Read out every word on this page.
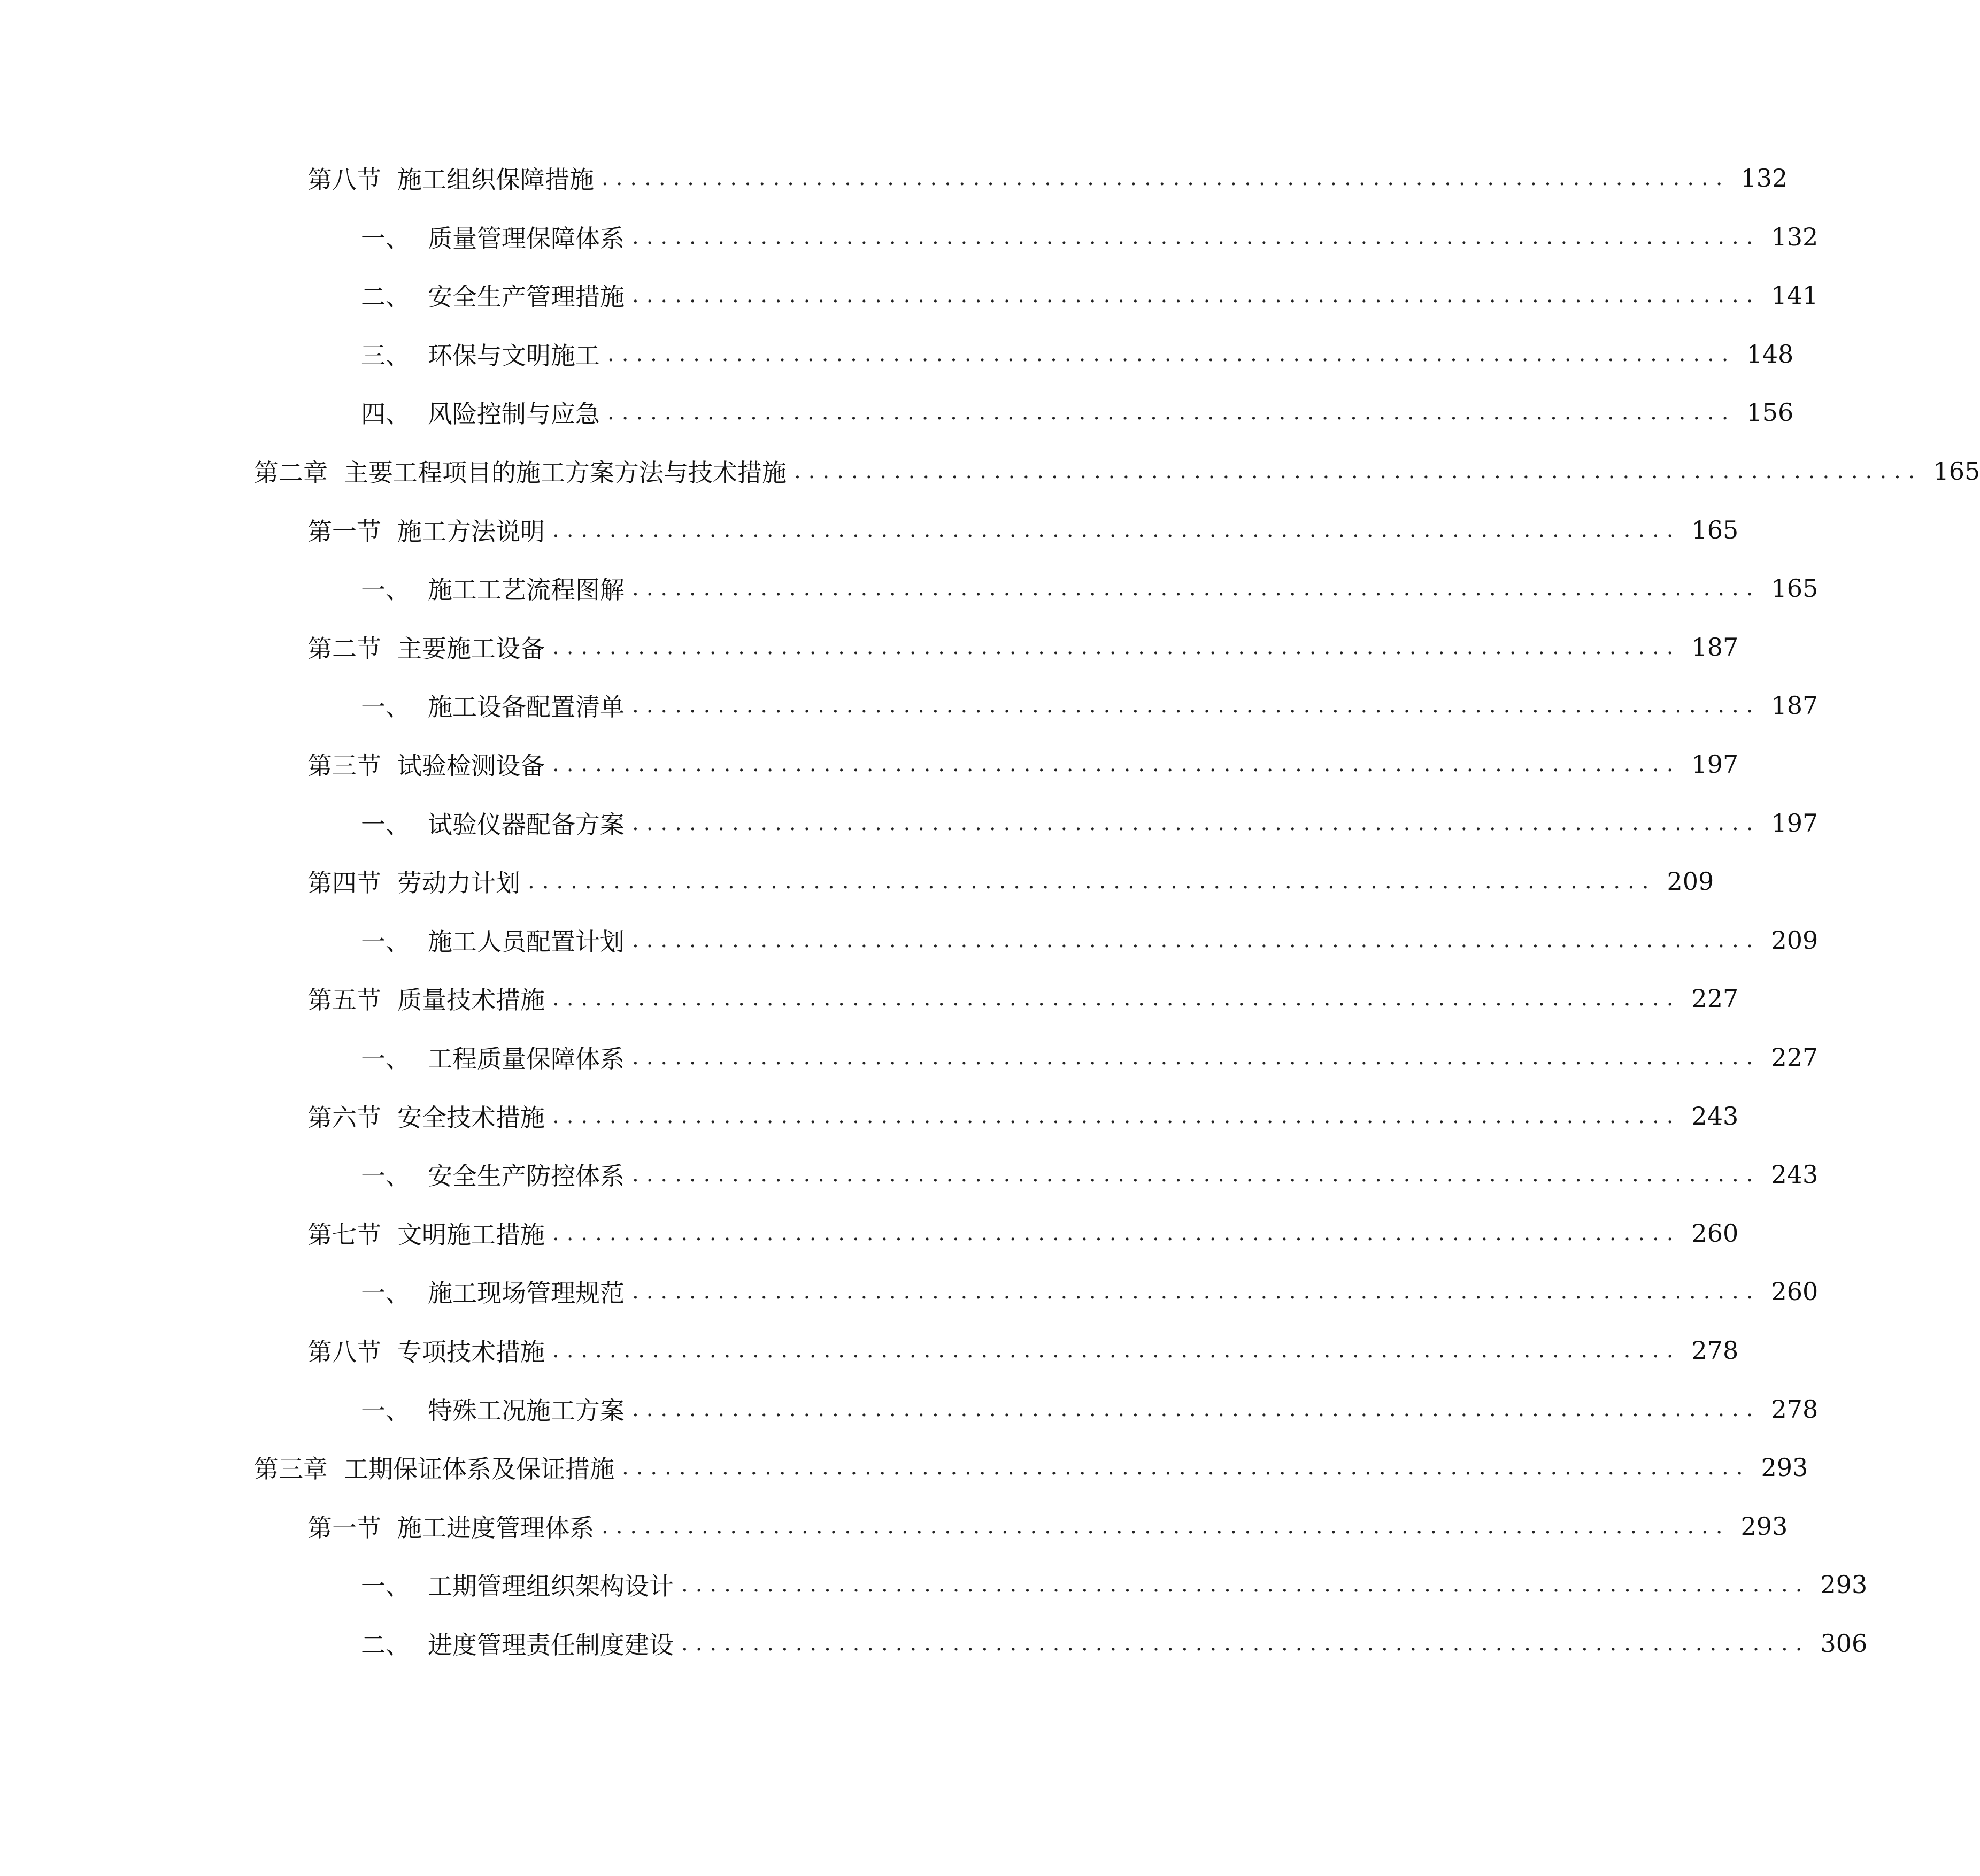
第八节 施工组织保障措施 ............................................................................... 132
一、 质量管理保障体系 ............................................................................... 132
二、 安全生产管理措施 ............................................................................... 141
三、 环保与文明施工 ............................................................................... 148
四、 风险控制与应急 ............................................................................... 156
第二章 主要工程项目的施工方案方法与技术措施 ............................................................................... 165
第一节 施工方法说明 ............................................................................... 165
一、 施工工艺流程图解 ............................................................................... 165
第二节 主要施工设备 ............................................................................... 187
一、 施工设备配置清单 ............................................................................... 187
第三节 试验检测设备 ............................................................................... 197
一、 试验仪器配备方案 ............................................................................... 197
第四节 劳动力计划 ............................................................................... 209
一、 施工人员配置计划 ............................................................................... 209
第五节 质量技术措施 ............................................................................... 227
一、 工程质量保障体系 ............................................................................... 227
第六节 安全技术措施 ............................................................................... 243
一、 安全生产防控体系 ............................................................................... 243
第七节 文明施工措施 ............................................................................... 260
一、 施工现场管理规范 ............................................................................... 260
第八节 专项技术措施 ............................................................................... 278
一、 特殊工况施工方案 ............................................................................... 278
第三章 工期保证体系及保证措施 ............................................................................... 293
第一节 施工进度管理体系 ............................................................................... 293
一、 工期管理组织架构设计 ............................................................................... 293
二、 进度管理责任制度建设 ............................................................................... 306
